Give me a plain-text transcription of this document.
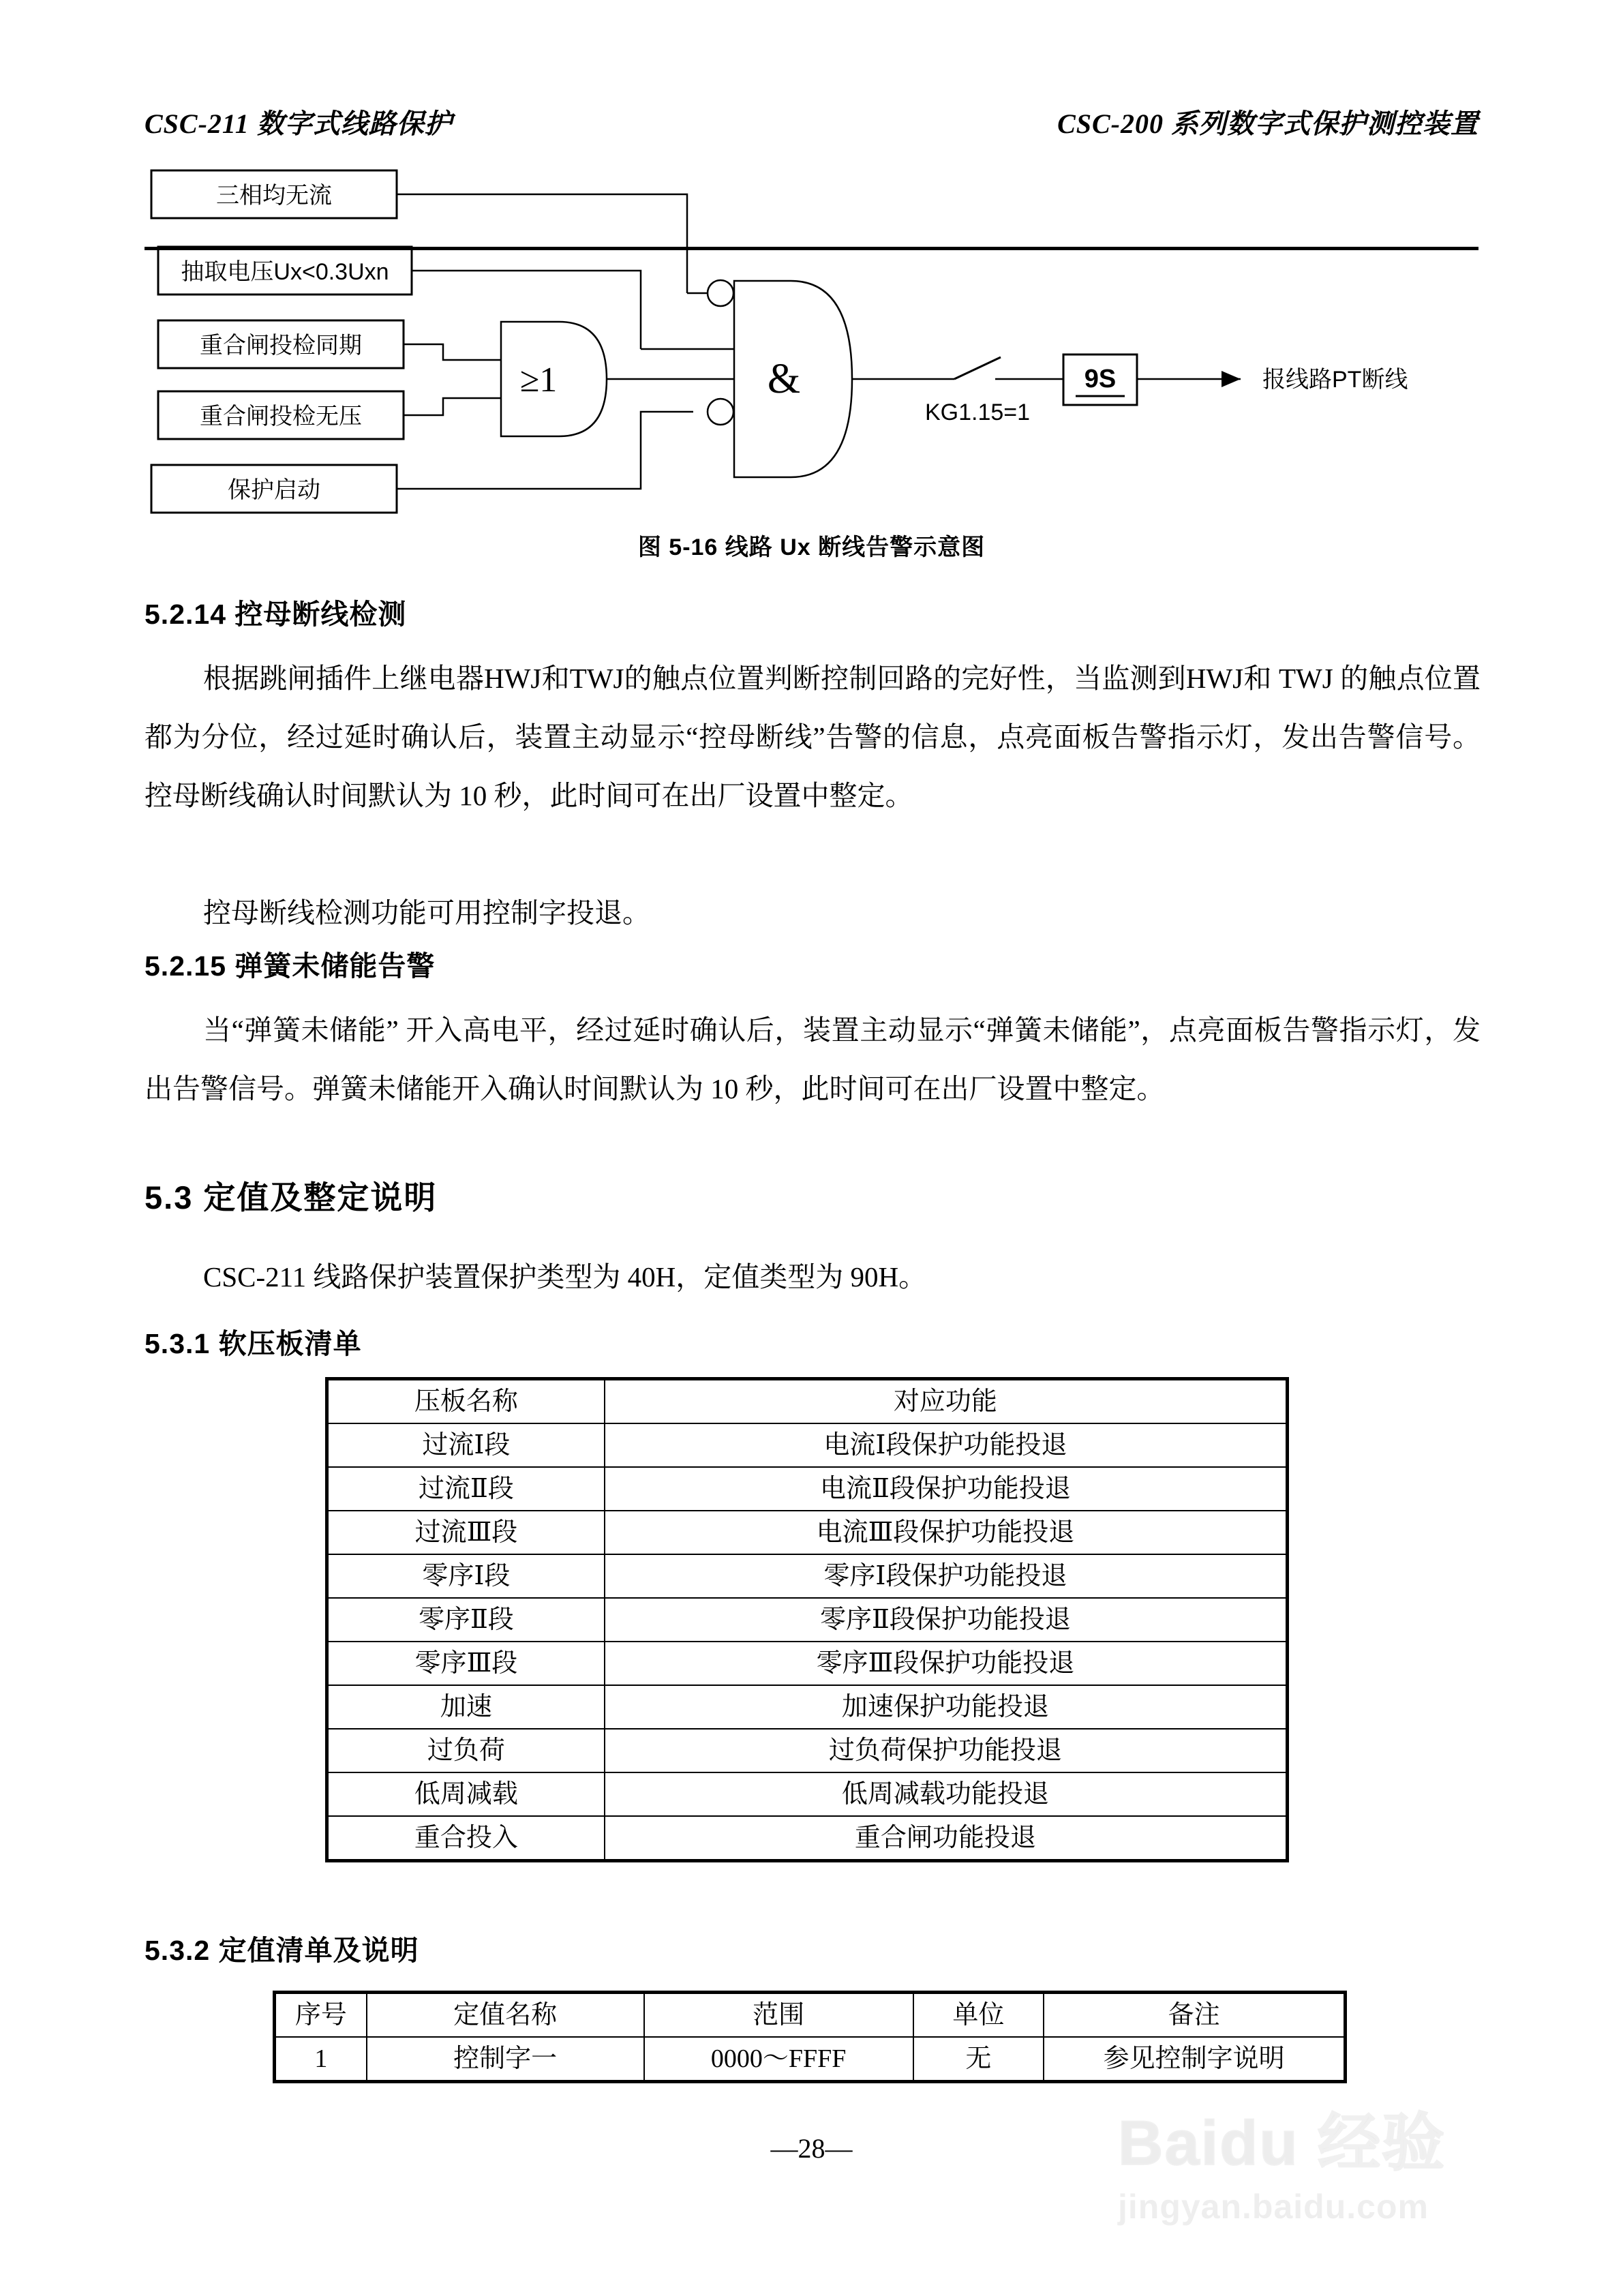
CSC-211 数字式线路保护	CSC-200 系列数字式保护测控装置
三相均无流
抽取电压Ux<0.3Uxn
重合闸投检同期
重合闸投检无压
保护启动
≥1	&
KG1.15=1
9S	报线路PT断线
图 5-16 线路 Ux 断线告警示意图
5.2.14 控母断线检测
根据跳闸插件上继电器HWJ和TWJ的触点位置判断控制回路的完好性，当监测到HWJ和 TWJ 的触点位置都为分位，经过延时确认后，装置主动显示“控母断线”告警的信息，点亮面板告警指示灯，发出告警信号。控母断线确认时间默认为 10 秒，此时间可在出厂设置中整定。
控母断线检测功能可用控制字投退。
5.2.15 弹簧未储能告警
当“弹簧未储能” 开入高电平，经过延时确认后，装置主动显示“弹簧未储能”，点亮面板告警指示灯，发出告警信号。弹簧未储能开入确认时间默认为 10 秒，此时间可在出厂设置中整定。
5.3 定值及整定说明
CSC-211 线路保护装置保护类型为 40H，定值类型为 90H。
5.3.1 软压板清单
压板名称	对应功能
过流Ⅰ段	电流Ⅰ段保护功能投退
过流Ⅱ段	电流Ⅱ段保护功能投退
过流Ⅲ段	电流Ⅲ段保护功能投退
零序Ⅰ段	零序Ⅰ段保护功能投退
零序Ⅱ段	零序Ⅱ段保护功能投退
零序Ⅲ段	零序Ⅲ段保护功能投退
加速	加速保护功能投退
过负荷	过负荷保护功能投退
低周减载	低周减载功能投退
重合投入	重合闸功能投退
5.3.2 定值清单及说明
序号	定值名称	范围	单位	备注
1	控制字一	0000～FFFF	无	参见控制字说明
—28—	Baidu 经验
jingyan.baidu.com
